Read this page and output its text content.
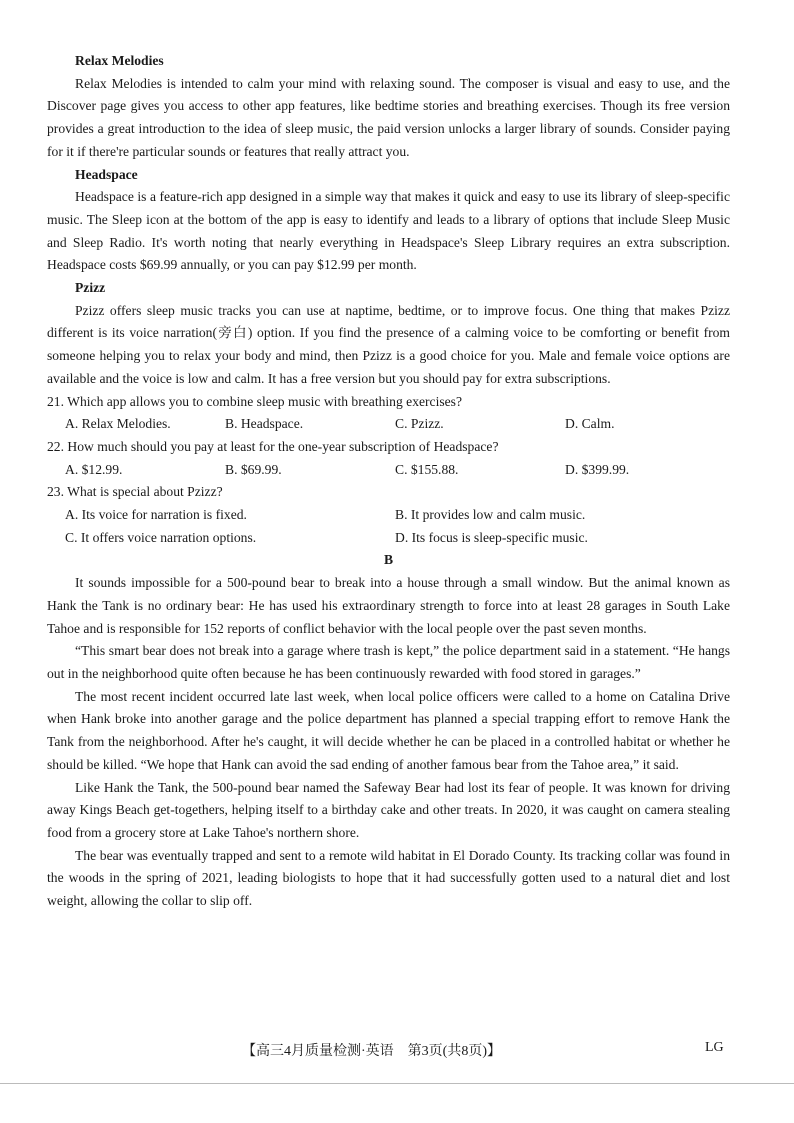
Relax Melodies

Relax Melodies is intended to calm your mind with relaxing sound. The composer is visual and easy to use, and the Discover page gives you access to other app features, like bedtime stories and breathing exercises. Though its free version provides a great introduction to the idea of sleep music, the paid version unlocks a larger library of sounds. Consider paying for it if there're particular sounds or features that really attract you.

Headspace

Headspace is a feature-rich app designed in a simple way that makes it quick and easy to use its library of sleep-specific music. The Sleep icon at the bottom of the app is easy to identify and leads to a library of options that include Sleep Music and Sleep Radio. It's worth noting that nearly everything in Headspace's Sleep Library requires an extra subscription. Headspace costs $69.99 annually, or you can pay $12.99 per month.

Pzizz

Pzizz offers sleep music tracks you can use at naptime, bedtime, or to improve focus. One thing that makes Pzizz different is its voice narration(旁白) option. If you find the presence of a calming voice to be comforting or benefit from someone helping you to relax your body and mind, then Pzizz is a good choice for you. Male and female voice options are available and the voice is low and calm. It has a free version but you should pay for extra subscriptions.

21. Which app allows you to combine sleep music with breathing exercises?
A. Relax Melodies.	B. Headspace.	C. Pzizz.	D. Calm.
22. How much should you pay at least for the one-year subscription of Headspace?
A. $12.99.	B. $69.99.	C. $155.88.	D. $399.99.
23. What is special about Pzizz?
A. Its voice for narration is fixed.	B. It provides low and calm music.
C. It offers voice narration options.	D. Its focus is sleep-specific music.
B

It sounds impossible for a 500-pound bear to break into a house through a small window. But the animal known as Hank the Tank is no ordinary bear: He has used his extraordinary strength to force into at least 28 garages in South Lake Tahoe and is responsible for 152 reports of conflict behavior with the local people over the past seven months.

“This smart bear does not break into a garage where trash is kept,” the police department said in a statement. “He hangs out in the neighborhood quite often because he has been continuously rewarded with food stored in garages.”

The most recent incident occurred late last week, when local police officers were called to a home on Catalina Drive when Hank broke into another garage and the police department has planned a special trapping effort to remove Hank the Tank from the neighborhood. After he's caught, it will decide whether he can be placed in a controlled habitat or whether he should be killed. “We hope that Hank can avoid the sad ending of another famous bear from the Tahoe area,” it said.

Like Hank the Tank, the 500-pound bear named the Safeway Bear had lost its fear of people. It was known for driving away Kings Beach get-togethers, helping itself to a birthday cake and other treats. In 2020, it was caught on camera stealing food from a grocery store at Lake Tahoe's northern shore.

The bear was eventually trapped and sent to a remote wild habitat in El Dorado County. Its tracking collar was found in the woods in the spring of 2021, leading biologists to hope that it had successfully gotten used to a natural diet and lost weight, allowing the collar to slip off.

【高三4月质量检测·英语　第3页(共8页)】	LG
